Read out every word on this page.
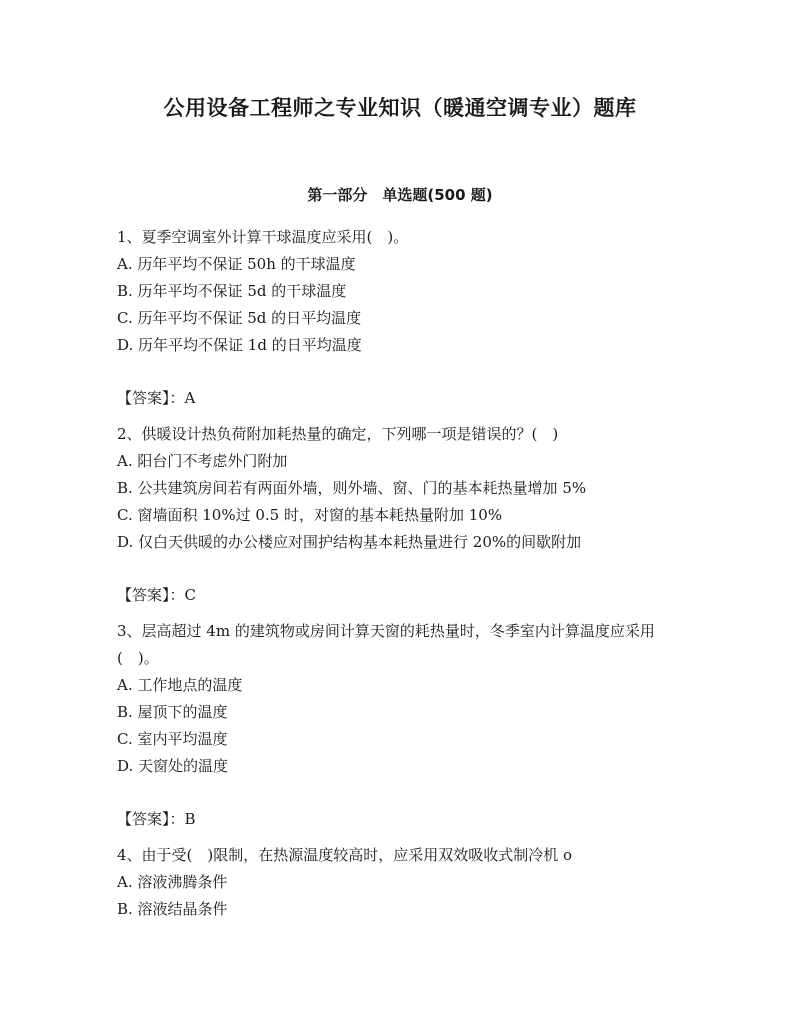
公用设备工程师之专业知识（暖通空调专业）题库
第一部分　单选题(500 题)
1、夏季空调室外计算干球温度应采用(　)。
A. 历年平均不保证 50h 的干球温度
B. 历年平均不保证 5d 的干球温度
C. 历年平均不保证 5d 的日平均温度
D. 历年平均不保证 1d 的日平均温度
【答案】：A
2、供暖设计热负荷附加耗热量的确定，下列哪一项是错误的？(　)
A. 阳台门不考虑外门附加
B. 公共建筑房间若有两面外墙，则外墙、窗、门的基本耗热量增加 5%
C. 窗墙面积 10%过 0.5 时，对窗的基本耗热量附加 10%
D. 仅白天供暖的办公楼应对围护结构基本耗热量进行 20%的间歇附加
【答案】：C
3、层高超过 4m 的建筑物或房间计算天窗的耗热量时，冬季室内计算温度应采用(　)。
A. 工作地点的温度
B. 屋顶下的温度
C. 室内平均温度
D. 天窗处的温度
【答案】：B
4、由于受(　)限制，在热源温度较高时，应采用双效吸收式制冷机 o
A. 溶液沸腾条件
B. 溶液结晶条件
